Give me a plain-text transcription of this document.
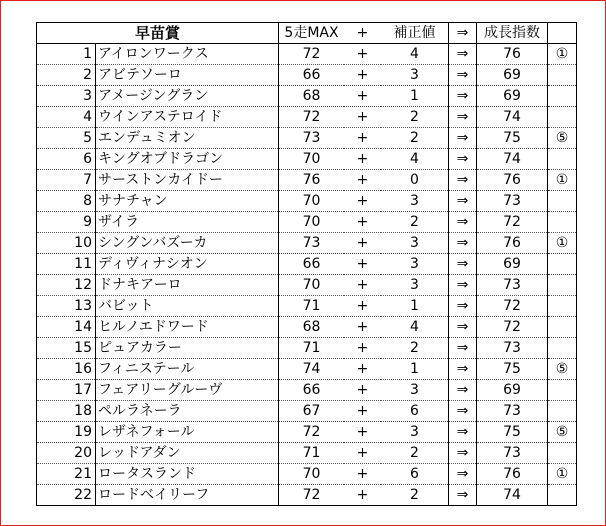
早苗賞		5走MAX	+	補正値	⇒	成長指数	
1	アイロンワークス	72	+	4	⇒	76	①
2	アビテソーロ	66	+	3	⇒	69	
3	アメージングラン	68	+	1	⇒	69	
4	ウインアステロイド	72	+	2	⇒	74	
5	エンデュミオン	73	+	2	⇒	75	⑤
6	キングオブドラゴン	70	+	4	⇒	74	
7	サーストンカイドー	76	+	0	⇒	76	①
8	サナチャン	70	+	3	⇒	73	
9	ザイラ	70	+	2	⇒	72	
10	シングンバズーカ	73	+	3	⇒	76	①
11	ディヴィナシオン	66	+	3	⇒	69	
12	ドナキアーロ	70	+	3	⇒	73	
13	バビット	71	+	1	⇒	72	
14	ヒルノエドワード	68	+	4	⇒	72	
15	ピュアカラー	71	+	2	⇒	73	
16	フィニステール	74	+	1	⇒	75	⑤
17	フェアリーグルーヴ	66	+	3	⇒	69	
18	ペルラネーラ	67	+	6	⇒	73	
19	レザネフォール	72	+	3	⇒	75	⑤
20	レッドアダン	71	+	2	⇒	73	
21	ロータスランド	70	+	6	⇒	76	①
22	ロードベイリーフ	72	+	2	⇒	74	
